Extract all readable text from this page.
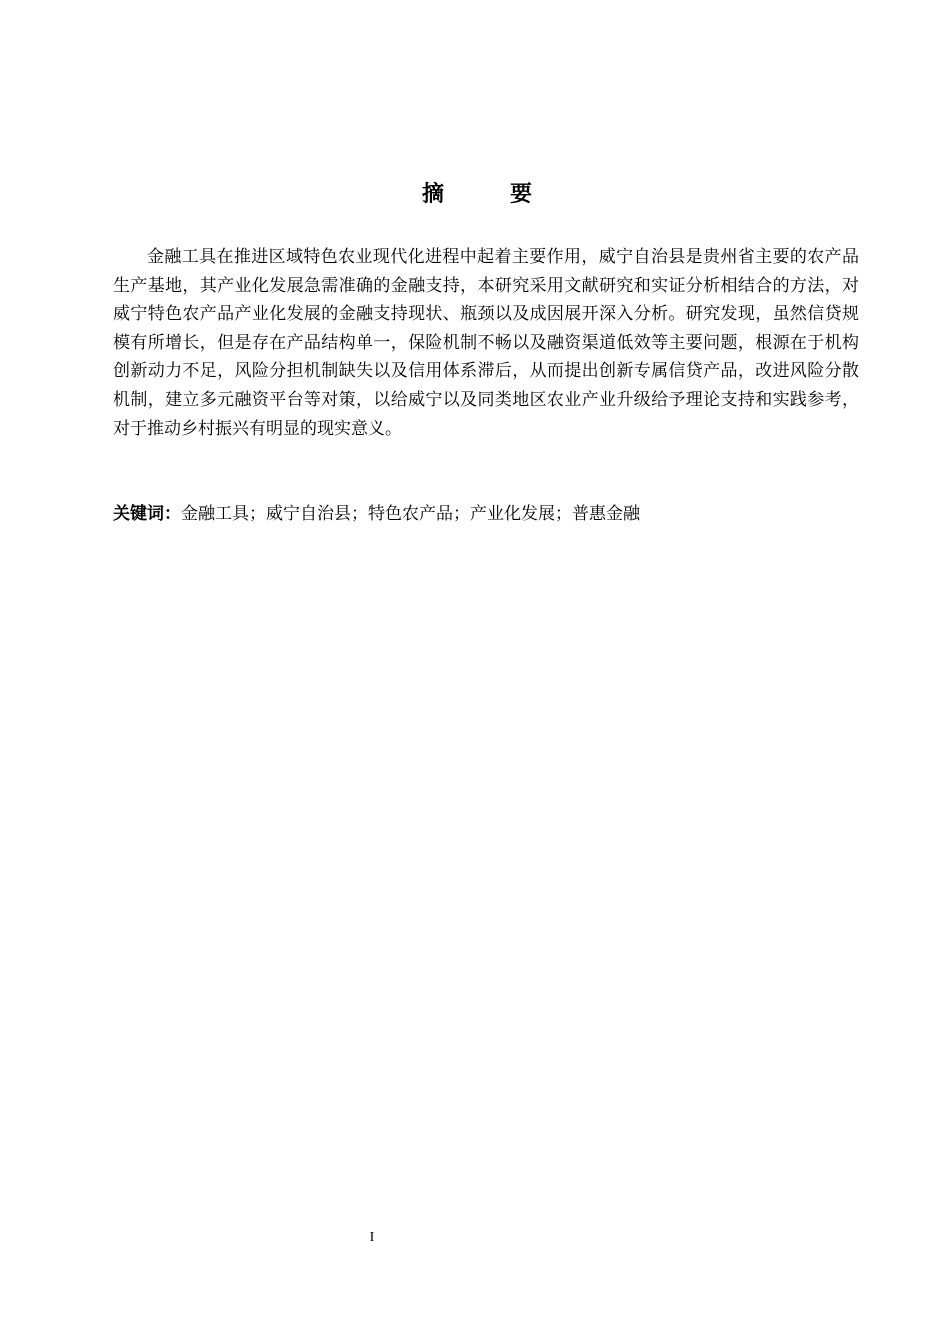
摘　要

金融工具在推进区域特色农业现代化进程中起着主要作用，威宁自治县是贵州省主要的农产品生产基地，其产业化发展急需准确的金融支持，本研究采用文献研究和实证分析相结合的方法，对威宁特色农产品产业化发展的金融支持现状、瓶颈以及成因展开深入分析。研究发现，虽然信贷规模有所增长，但是存在产品结构单一，保险机制不畅以及融资渠道低效等主要问题，根源在于机构创新动力不足，风险分担机制缺失以及信用体系滞后，从而提出创新专属信贷产品，改进风险分散机制，建立多元融资平台等对策，以给威宁以及同类地区农业产业升级给予理论支持和实践参考，对于推动乡村振兴有明显的现实意义。

关键词：金融工具；威宁自治县；特色农产品；产业化发展；普惠金融

I
